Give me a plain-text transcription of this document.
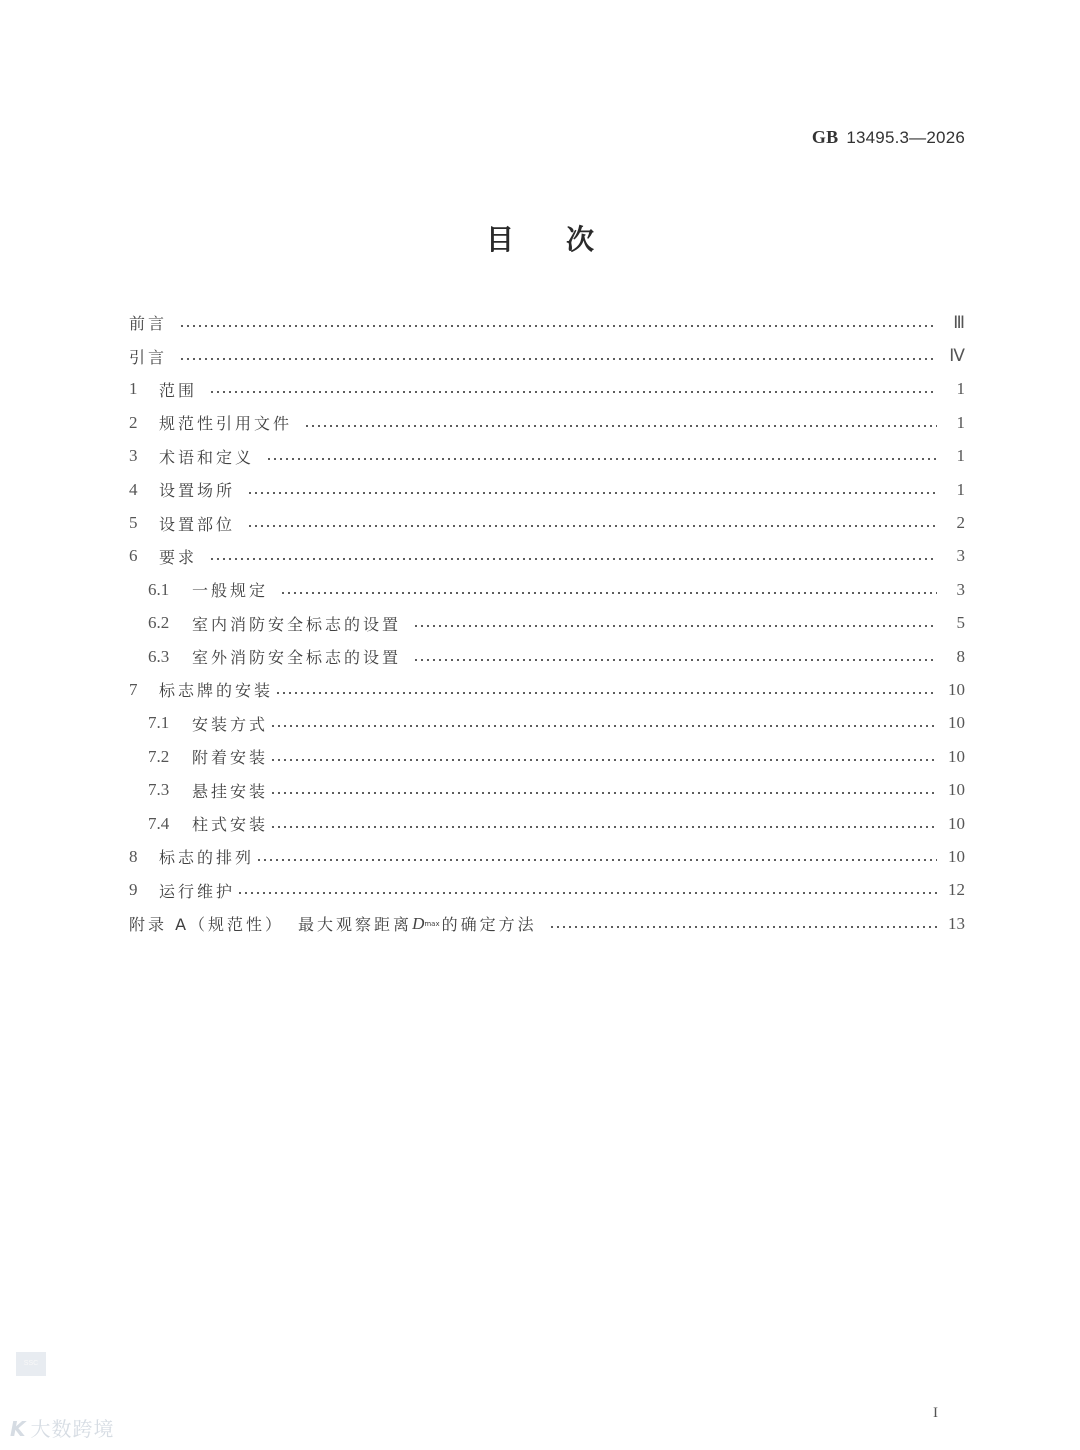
GB 13495.3—2026
目 次
前言	Ⅲ
引言	Ⅳ
1	范围	1
2	规范性引用文件	1
3	术语和定义	1
4	设置场所	1
5	设置部位	2
6	要求	3
6.1	一般规定	3
6.2	室内消防安全标志的设置	5
6.3	室外消防安全标志的设置	8
7	标志牌的安装	10
7.1	安装方式	10
7.2	附着安装	10
7.3	悬挂安装	10
7.4	柱式安装	10
8	标志的排列	10
9	运行维护	12
附录 A（规范性） 最大观察距离 D max 的确定方法	13
SSC
K 大数跨境
I
